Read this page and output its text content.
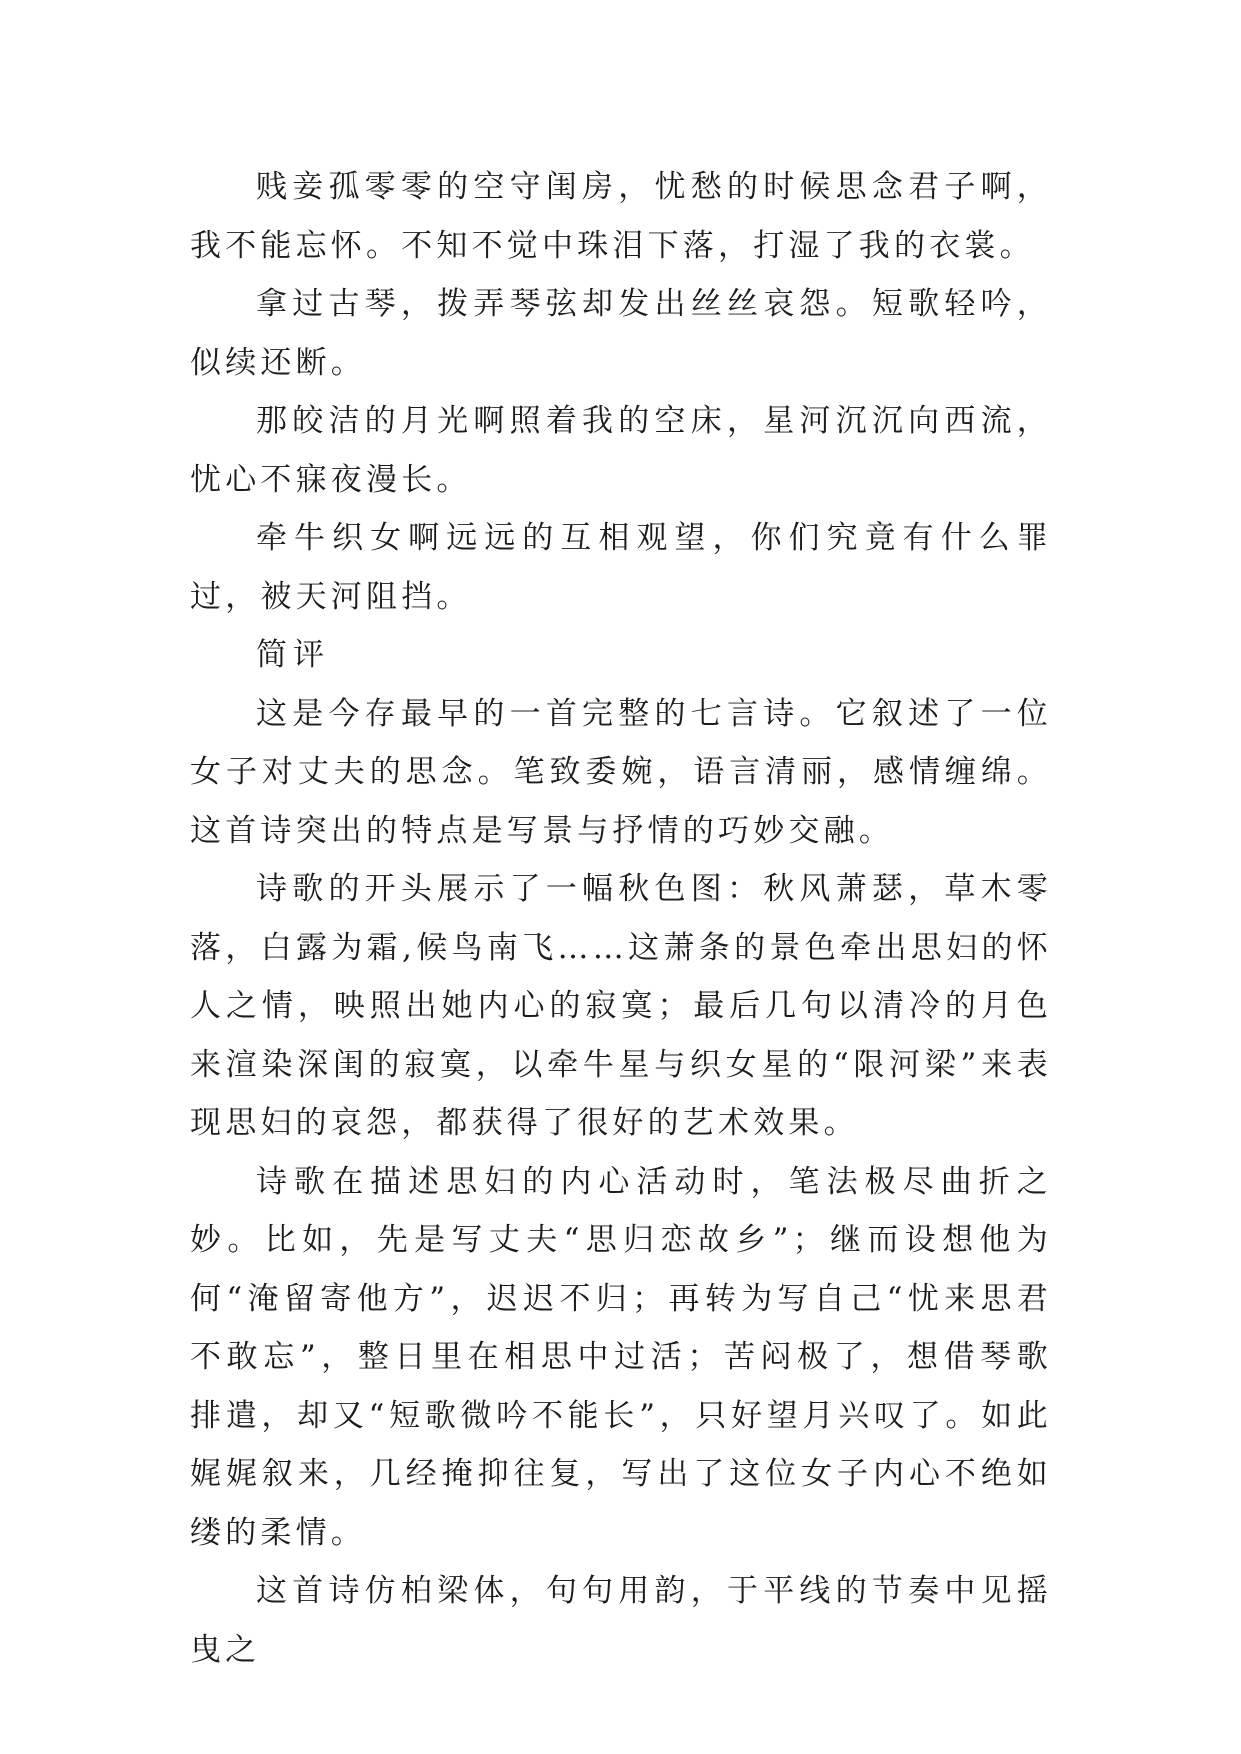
贱妾孤零零的空守闺房，忧愁的时候思念君子啊，我不能忘怀。不知不觉中珠泪下落，打湿了我的衣裳。

拿过古琴，拨弄琴弦却发出丝丝哀怨。短歌轻吟，似续还断。

那皎洁的月光啊照着我的空床，星河沉沉向西流，忧心不寐夜漫长。

牵牛织女啊远远的互相观望，你们究竟有什么罪过，被天河阻挡。

简评

这是今存最早的一首完整的七言诗。它叙述了一位女子对丈夫的思念。笔致委婉，语言清丽，感情缠绵。这首诗突出的特点是写景与抒情的巧妙交融。

诗歌的开头展示了一幅秋色图：秋风萧瑟，草木零落，白露为霜,候鸟南飞……这萧条的景色牵出思妇的怀人之情，映照出她内心的寂寞；最后几句以清冷的月色来渲染深闺的寂寞，以牵牛星与织女星的“限河梁”来表现思妇的哀怨，都获得了很好的艺术效果。

诗歌在描述思妇的内心活动时，笔法极尽曲折之妙。比如，先是写丈夫“思归恋故乡”；继而设想他为何“淹留寄他方”，迟迟不归；再转为写自己“忧来思君不敢忘”，整日里在相思中过活；苦闷极了，想借琴歌排遣，却又“短歌微吟不能长”，只好望月兴叹了。如此娓娓叙来，几经掩抑往复，写出了这位女子内心不绝如缕的柔情。

这首诗仿柏梁体，句句用韵，于平线的节奏中见摇曳之
